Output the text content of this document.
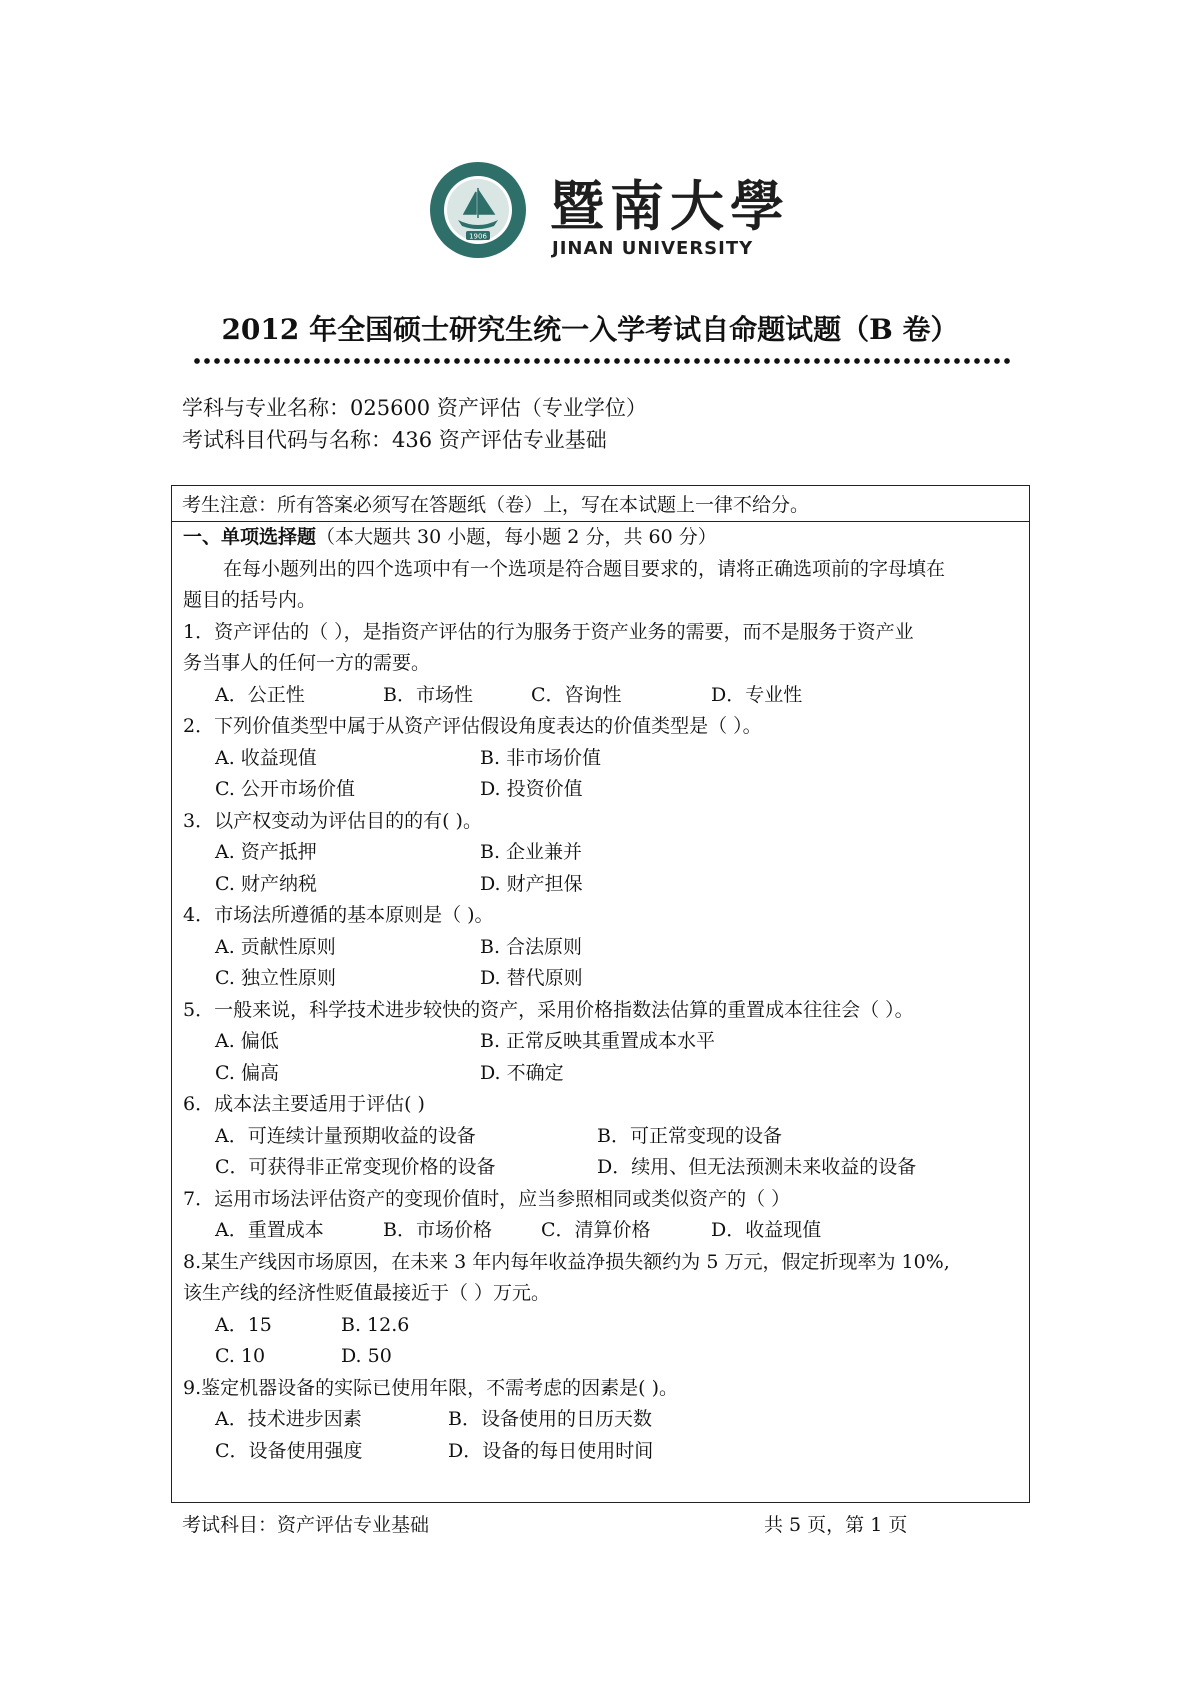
1906 暨南大學
JINAN UNIVERSITY
2012 年全国硕士研究生统一入学考试自命题试题（B 卷）
学科与专业名称：025600 资产评估（专业学位）
考试科目代码与名称：436 资产评估专业基础
考生注意：所有答案必须写在答题纸（卷）上，写在本试题上一律不给分。
一、单项选择题（本大题共 30 小题，每小题 2 分，共 60 分）
在每小题列出的四个选项中有一个选项是符合题目要求的，请将正确选项前的字母填在
题目的括号内。
1．资产评估的（ ），是指资产评估的行为服务于资产业务的需要，而不是服务于资产业
务当事人的任何一方的需要。
A．公正性	B．市场性	C．咨询性	D．专业性
2．下列价值类型中属于从资产评估假设角度表达的价值类型是（ ）。
A. 收益现值	B. 非市场价值
C. 公开市场价值	D. 投资价值
3．以产权变动为评估目的的有( )。
A. 资产抵押	B. 企业兼并
C. 财产纳税	D. 财产担保
4．市场法所遵循的基本原则是（ )。
A. 贡献性原则	B. 合法原则
C. 独立性原则	D. 替代原则
5．一般来说，科学技术进步较快的资产，采用价格指数法估算的重置成本往往会（ ）。
A. 偏低	B. 正常反映其重置成本水平
C. 偏高	D. 不确定
6．成本法主要适用于评估( )
A．可连续计量预期收益的设备	B．可正常变现的设备
C．可获得非正常变现价格的设备	D．续用、但无法预测未来收益的设备
7．运用市场法评估资产的变现价值时，应当参照相同或类似资产的（ ）
A．重置成本	B．市场价格	C．清算价格	D．收益现值
8.某生产线因市场原因，在未来 3 年内每年收益净损失额约为 5 万元，假定折现率为 10%,
该生产线的经济性贬值最接近于（ ）万元。
A．15	B. 12.6
C. 10	D. 50
9.鉴定机器设备的实际已使用年限，不需考虑的因素是( )。
A．技术进步因素	B．设备使用的日历天数
C．设备使用强度	D．设备的每日使用时间
考试科目：资产评估专业基础	共 5 页，第 1 页
